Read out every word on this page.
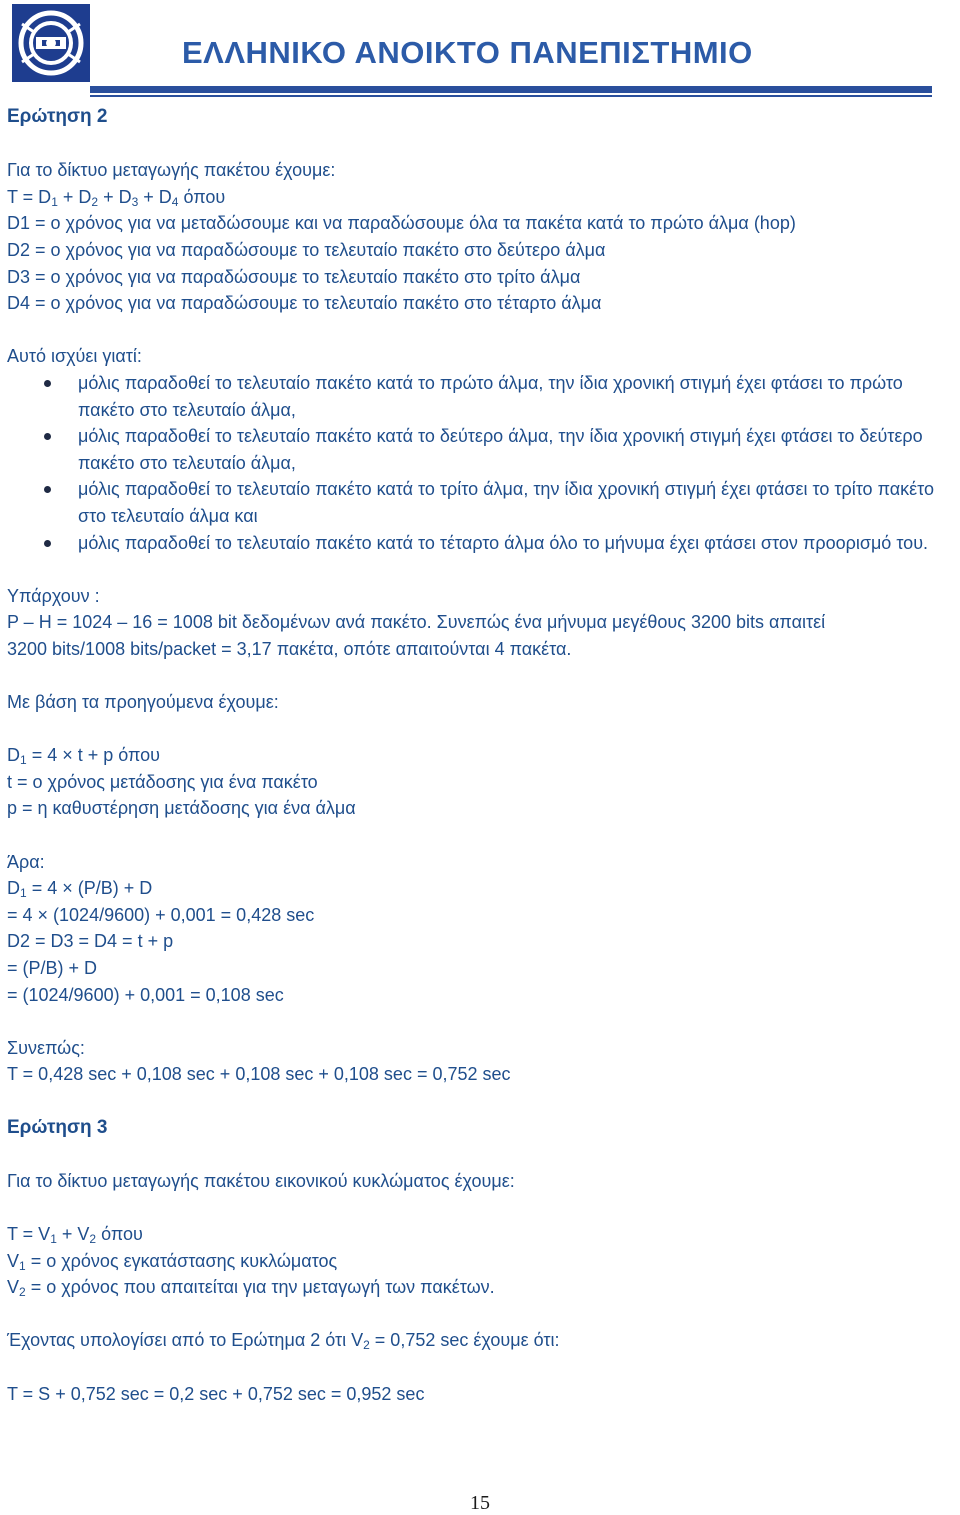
ΕΛΛΗΝΙΚΟ ΑΝΟΙΚΤΟ ΠΑΝΕΠΙΣΤΗΜΙΟ
Ερώτηση 2
Για το δίκτυο μεταγωγής πακέτου έχουμε:
$T = D_1 + D_2 + D_3 + D_4$ όπου
D1 = ο χρόνος για να μεταδώσουμε και να παραδώσουμε όλα τα πακέτα κατά το πρώτο άλμα (hop)
D2 = ο χρόνος για να παραδώσουμε το τελευταίο πακέτο στο δεύτερο άλμα
D3 = ο χρόνος για να παραδώσουμε το τελευταίο πακέτο στο τρίτο άλμα
D4 = ο χρόνος για να παραδώσουμε το τελευταίο πακέτο στο τέταρτο άλμα
Αυτό ισχύει γιατί:
μόλις παραδοθεί το τελευταίο πακέτο κατά το πρώτο άλμα, την ίδια χρονική στιγμή έχει φτάσει το πρώτο πακέτο στο τελευταίο άλμα,
μόλις παραδοθεί το τελευταίο πακέτο κατά το δεύτερο άλμα, την ίδια χρονική στιγμή έχει φτάσει το δεύτερο πακέτο στο τελευταίο άλμα,
μόλις παραδοθεί το τελευταίο πακέτο κατά το τρίτο άλμα, την ίδια χρονική στιγμή έχει φτάσει το τρίτο πακέτο στο τελευταίο άλμα και
μόλις παραδοθεί το τελευταίο πακέτο κατά το τέταρτο άλμα όλο το μήνυμα έχει φτάσει στον προορισμό του.
Υπάρχουν :
P – H = 1024 – 16 = 1008 bit δεδομένων ανά πακέτο. Συνεπώς ένα μήνυμα μεγέθους 3200 bits απαιτεί
3200 bits/1008 bits/packet = 3,17 πακέτα, οπότε απαιτούνται 4 πακέτα.
Με βάση τα προηγούμενα έχουμε:
$D_1 = 4 \times t + p$ όπου
t = ο χρόνος μετάδοσης για ένα πακέτο
p = η καθυστέρηση μετάδοσης για ένα άλμα
Άρα:
$D_1 = 4 \times (P/B) + D$
= 4 × (1024/9600) + 0,001 = 0,428 sec
D2 = D3 = D4 = t + p
= (P/B) + D
= (1024/9600) + 0,001 = 0,108 sec
Συνεπώς:
T = 0,428 sec + 0,108 sec + 0,108 sec + 0,108 sec = 0,752 sec
Ερώτηση 3
Για το δίκτυο μεταγωγής πακέτου εικονικού κυκλώματος έχουμε:
$T = V_1 + V_2$ όπου
$V_1 = o$ χρόνος εγκατάστασης κυκλώματος
$V_2 = o$ χρόνος που απαιτείται για την μεταγωγή των πακέτων.
Έχοντας υπολογίσει από το Ερώτημα 2 ότι $V_2 = 0,752$ sec έχουμε ότι:
T = S + 0,752 sec = 0,2 sec + 0,752 sec = 0,952 sec
15
